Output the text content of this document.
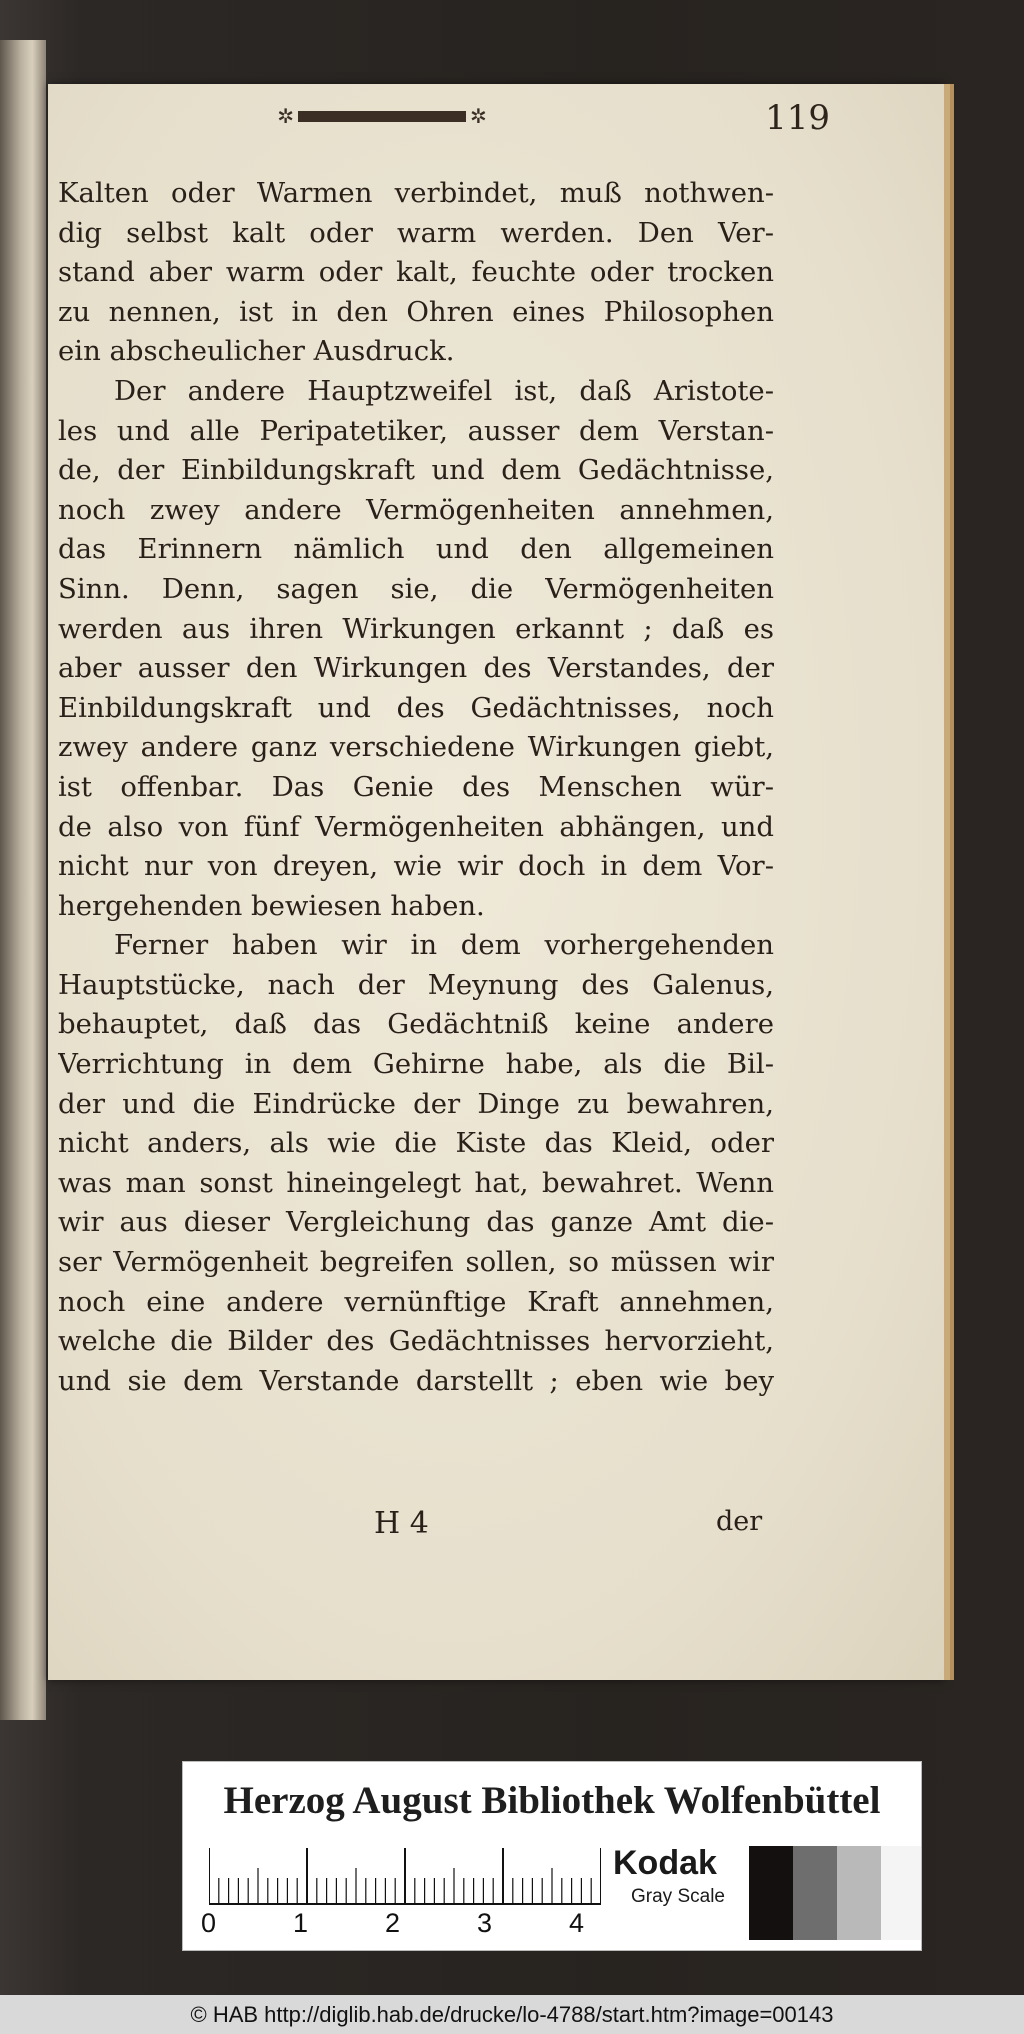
✲	✲	119
Kalten oder Warmen verbindet, muß nothwen-
dig selbst kalt oder warm werden. Den Ver-
stand aber warm oder kalt, feuchte oder trocken
zu nennen, ist in den Ohren eines Philosophen
ein abscheulicher Ausdruck.
Der andere Hauptzweifel ist, daß Aristote-
les und alle Peripatetiker, ausser dem Verstan-
de, der Einbildungskraft und dem Gedächtnisse,
noch zwey andere Vermögenheiten annehmen,
das Erinnern nämlich und den allgemeinen
Sinn. Denn, sagen sie, die Vermögenheiten
werden aus ihren Wirkungen erkannt ; daß es
aber ausser den Wirkungen des Verstandes, der
Einbildungskraft und des Gedächtnisses, noch
zwey andere ganz verschiedene Wirkungen giebt,
ist offenbar. Das Genie des Menschen wür-
de also von fünf Vermögenheiten abhängen, und
nicht nur von dreyen, wie wir doch in dem Vor-
hergehenden bewiesen haben.
Ferner haben wir in dem vorhergehenden
Hauptstücke, nach der Meynung des Galenus,
behauptet, daß das Gedächtniß keine andere
Verrichtung in dem Gehirne habe, als die Bil-
der und die Eindrücke der Dinge zu bewahren,
nicht anders, als wie die Kiste das Kleid, oder
was man sonst hineingelegt hat, bewahret. Wenn
wir aus dieser Vergleichung das ganze Amt die-
ser Vermögenheit begreifen sollen, so müssen wir
noch eine andere vernünftige Kraft annehmen,
welche die Bilder des Gedächtnisses hervorzieht,
und sie dem Verstande darstellt ; eben wie bey
H 4	der
Herzog August Bibliothek Wolfenbüttel
0	1	2	3	4
Kodak
Gray Scale
© HAB http://diglib.hab.de/drucke/lo-4788/start.htm?image=00143
